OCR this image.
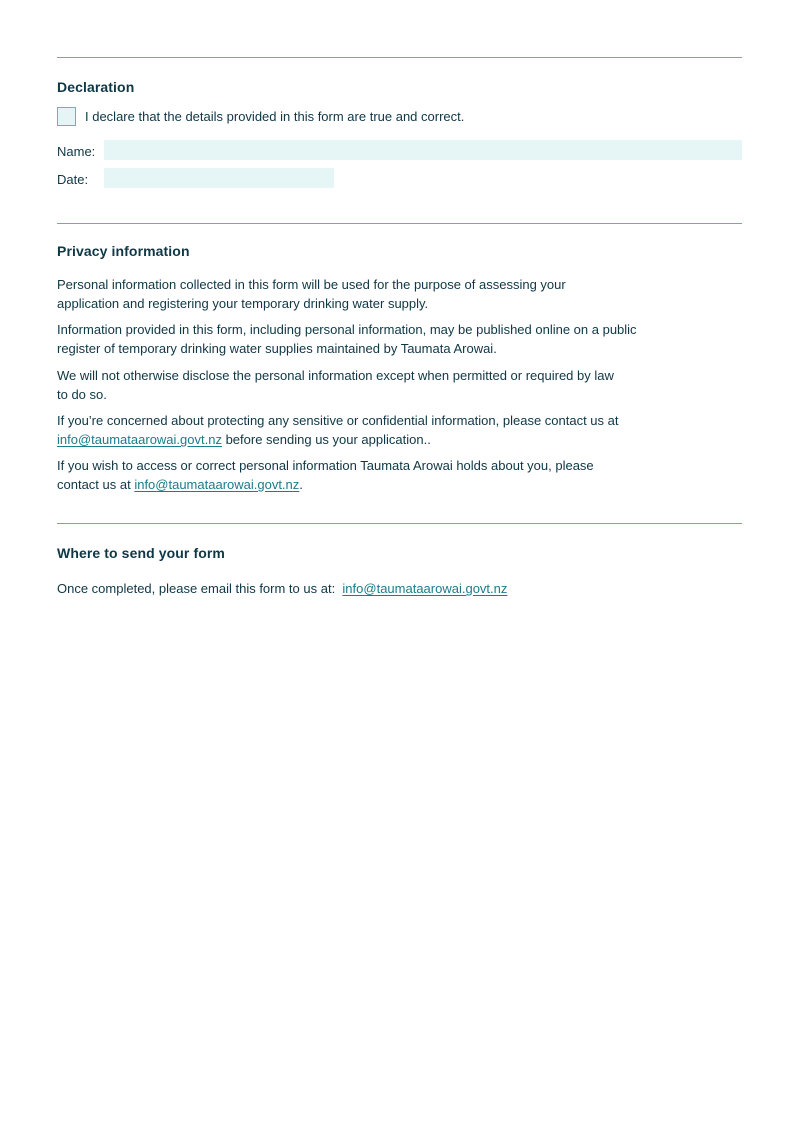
Declaration
I declare that the details provided in this form are true and correct.
Name:
Date:
Privacy information

Personal information collected in this form will be used for the purpose of assessing your application and registering your temporary drinking water supply.

Information provided in this form, including personal information, may be published online on a public register of temporary drinking water supplies maintained by Taumata Arowai.

We will not otherwise disclose the personal information except when permitted or required by law to do so.

If you’re concerned about protecting any sensitive or confidential information, please contact us at info@taumataarowai.govt.nz before sending us your application..

If you wish to access or correct personal information Taumata Arowai holds about you, please contact us at info@taumataarowai.govt.nz.

Where to send your form

Once completed, please email this form to us at:  info@taumataarowai.govt.nz
